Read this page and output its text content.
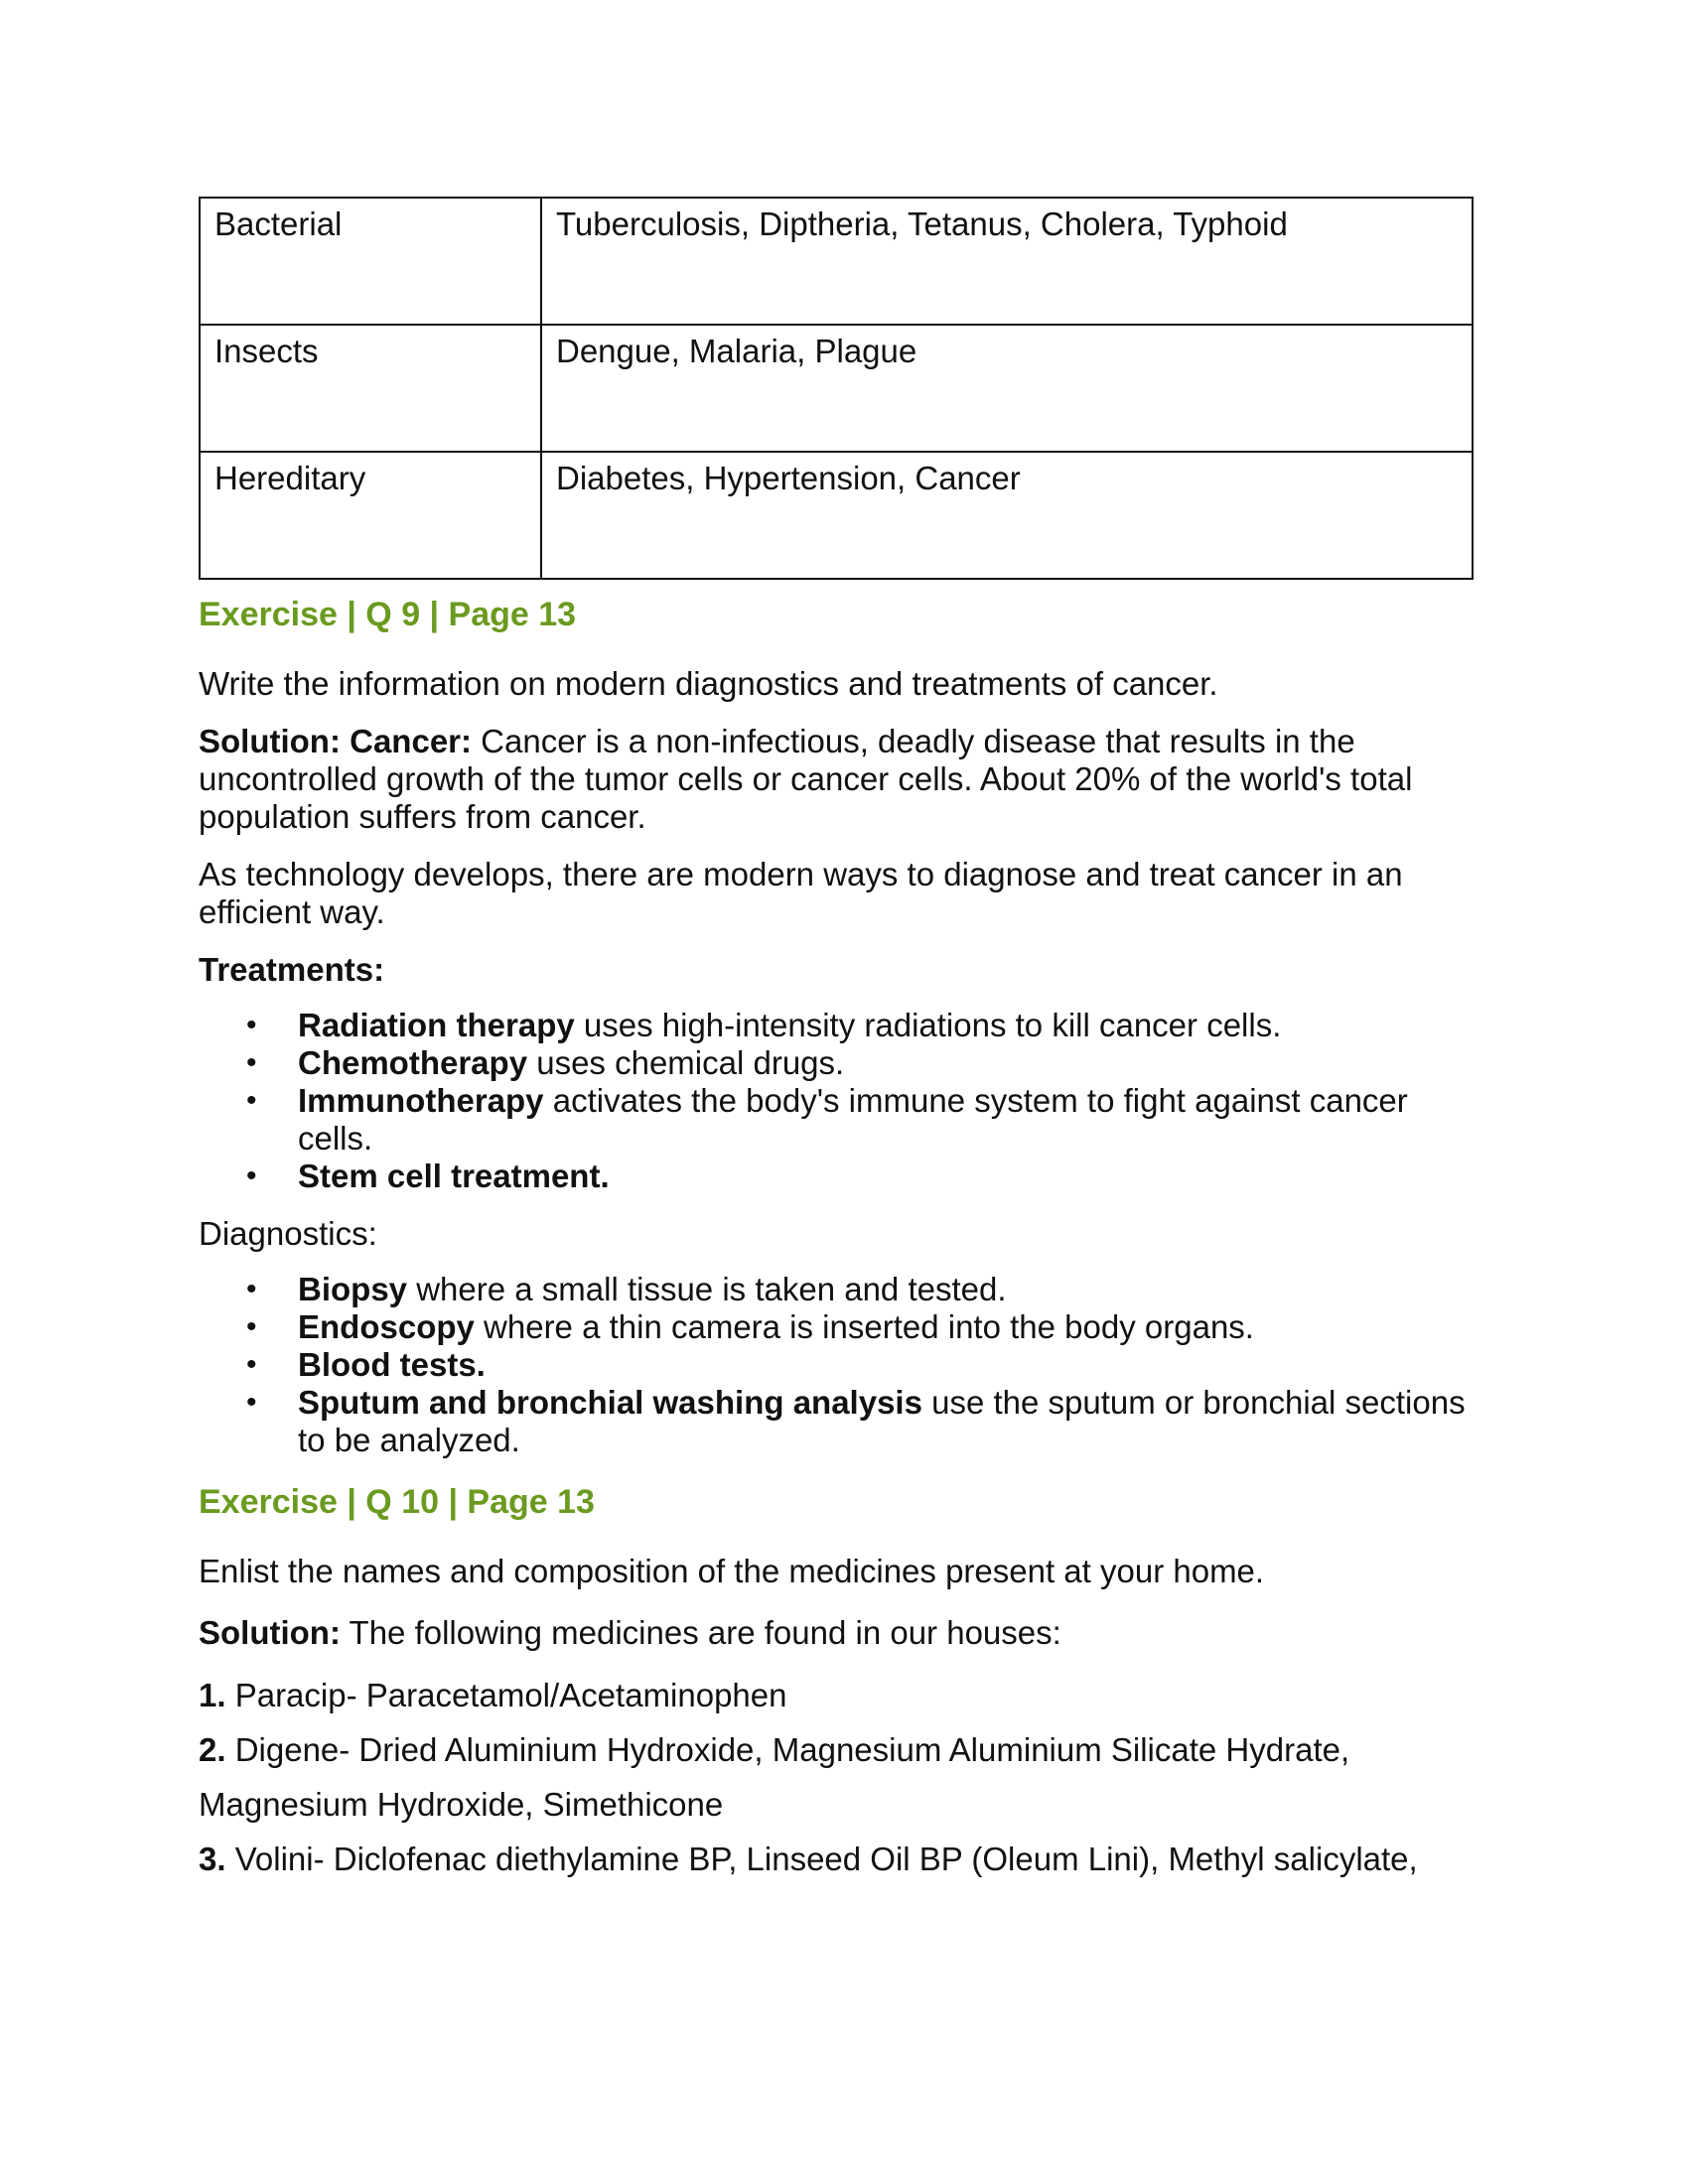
Bacterial	Tuberculosis, Diptheria, Tetanus, Cholera, Typhoid
Insects	Dengue, Malaria, Plague
Hereditary	Diabetes, Hypertension, Cancer
Exercise | Q 9 | Page 13

Write the information on modern diagnostics and treatments of cancer.

Solution: Cancer: Cancer is a non-infectious, deadly disease that results in the uncontrolled growth of the tumor cells or cancer cells. About 20% of the world's total population suffers from cancer.

As technology develops, there are modern ways to diagnose and treat cancer in an efficient way.

Treatments:

• Radiation therapy uses high-intensity radiations to kill cancer cells.
• Chemotherapy uses chemical drugs.
• Immunotherapy activates the body's immune system to fight against cancer cells.
• Stem cell treatment.

Diagnostics:

• Biopsy where a small tissue is taken and tested.
• Endoscopy where a thin camera is inserted into the body organs.
• Blood tests.
• Sputum and bronchial washing analysis use the sputum or bronchial sections to be analyzed.
Exercise | Q 10 | Page 13

Enlist the names and composition of the medicines present at your home.

Solution: The following medicines are found in our houses:

1. Paracip- Paracetamol/Acetaminophen

2. Digene- Dried Aluminium Hydroxide, Magnesium Aluminium Silicate Hydrate,

Magnesium Hydroxide, Simethicone

3. Volini- Diclofenac diethylamine BP, Linseed Oil BP (Oleum Lini), Methyl salicylate,
